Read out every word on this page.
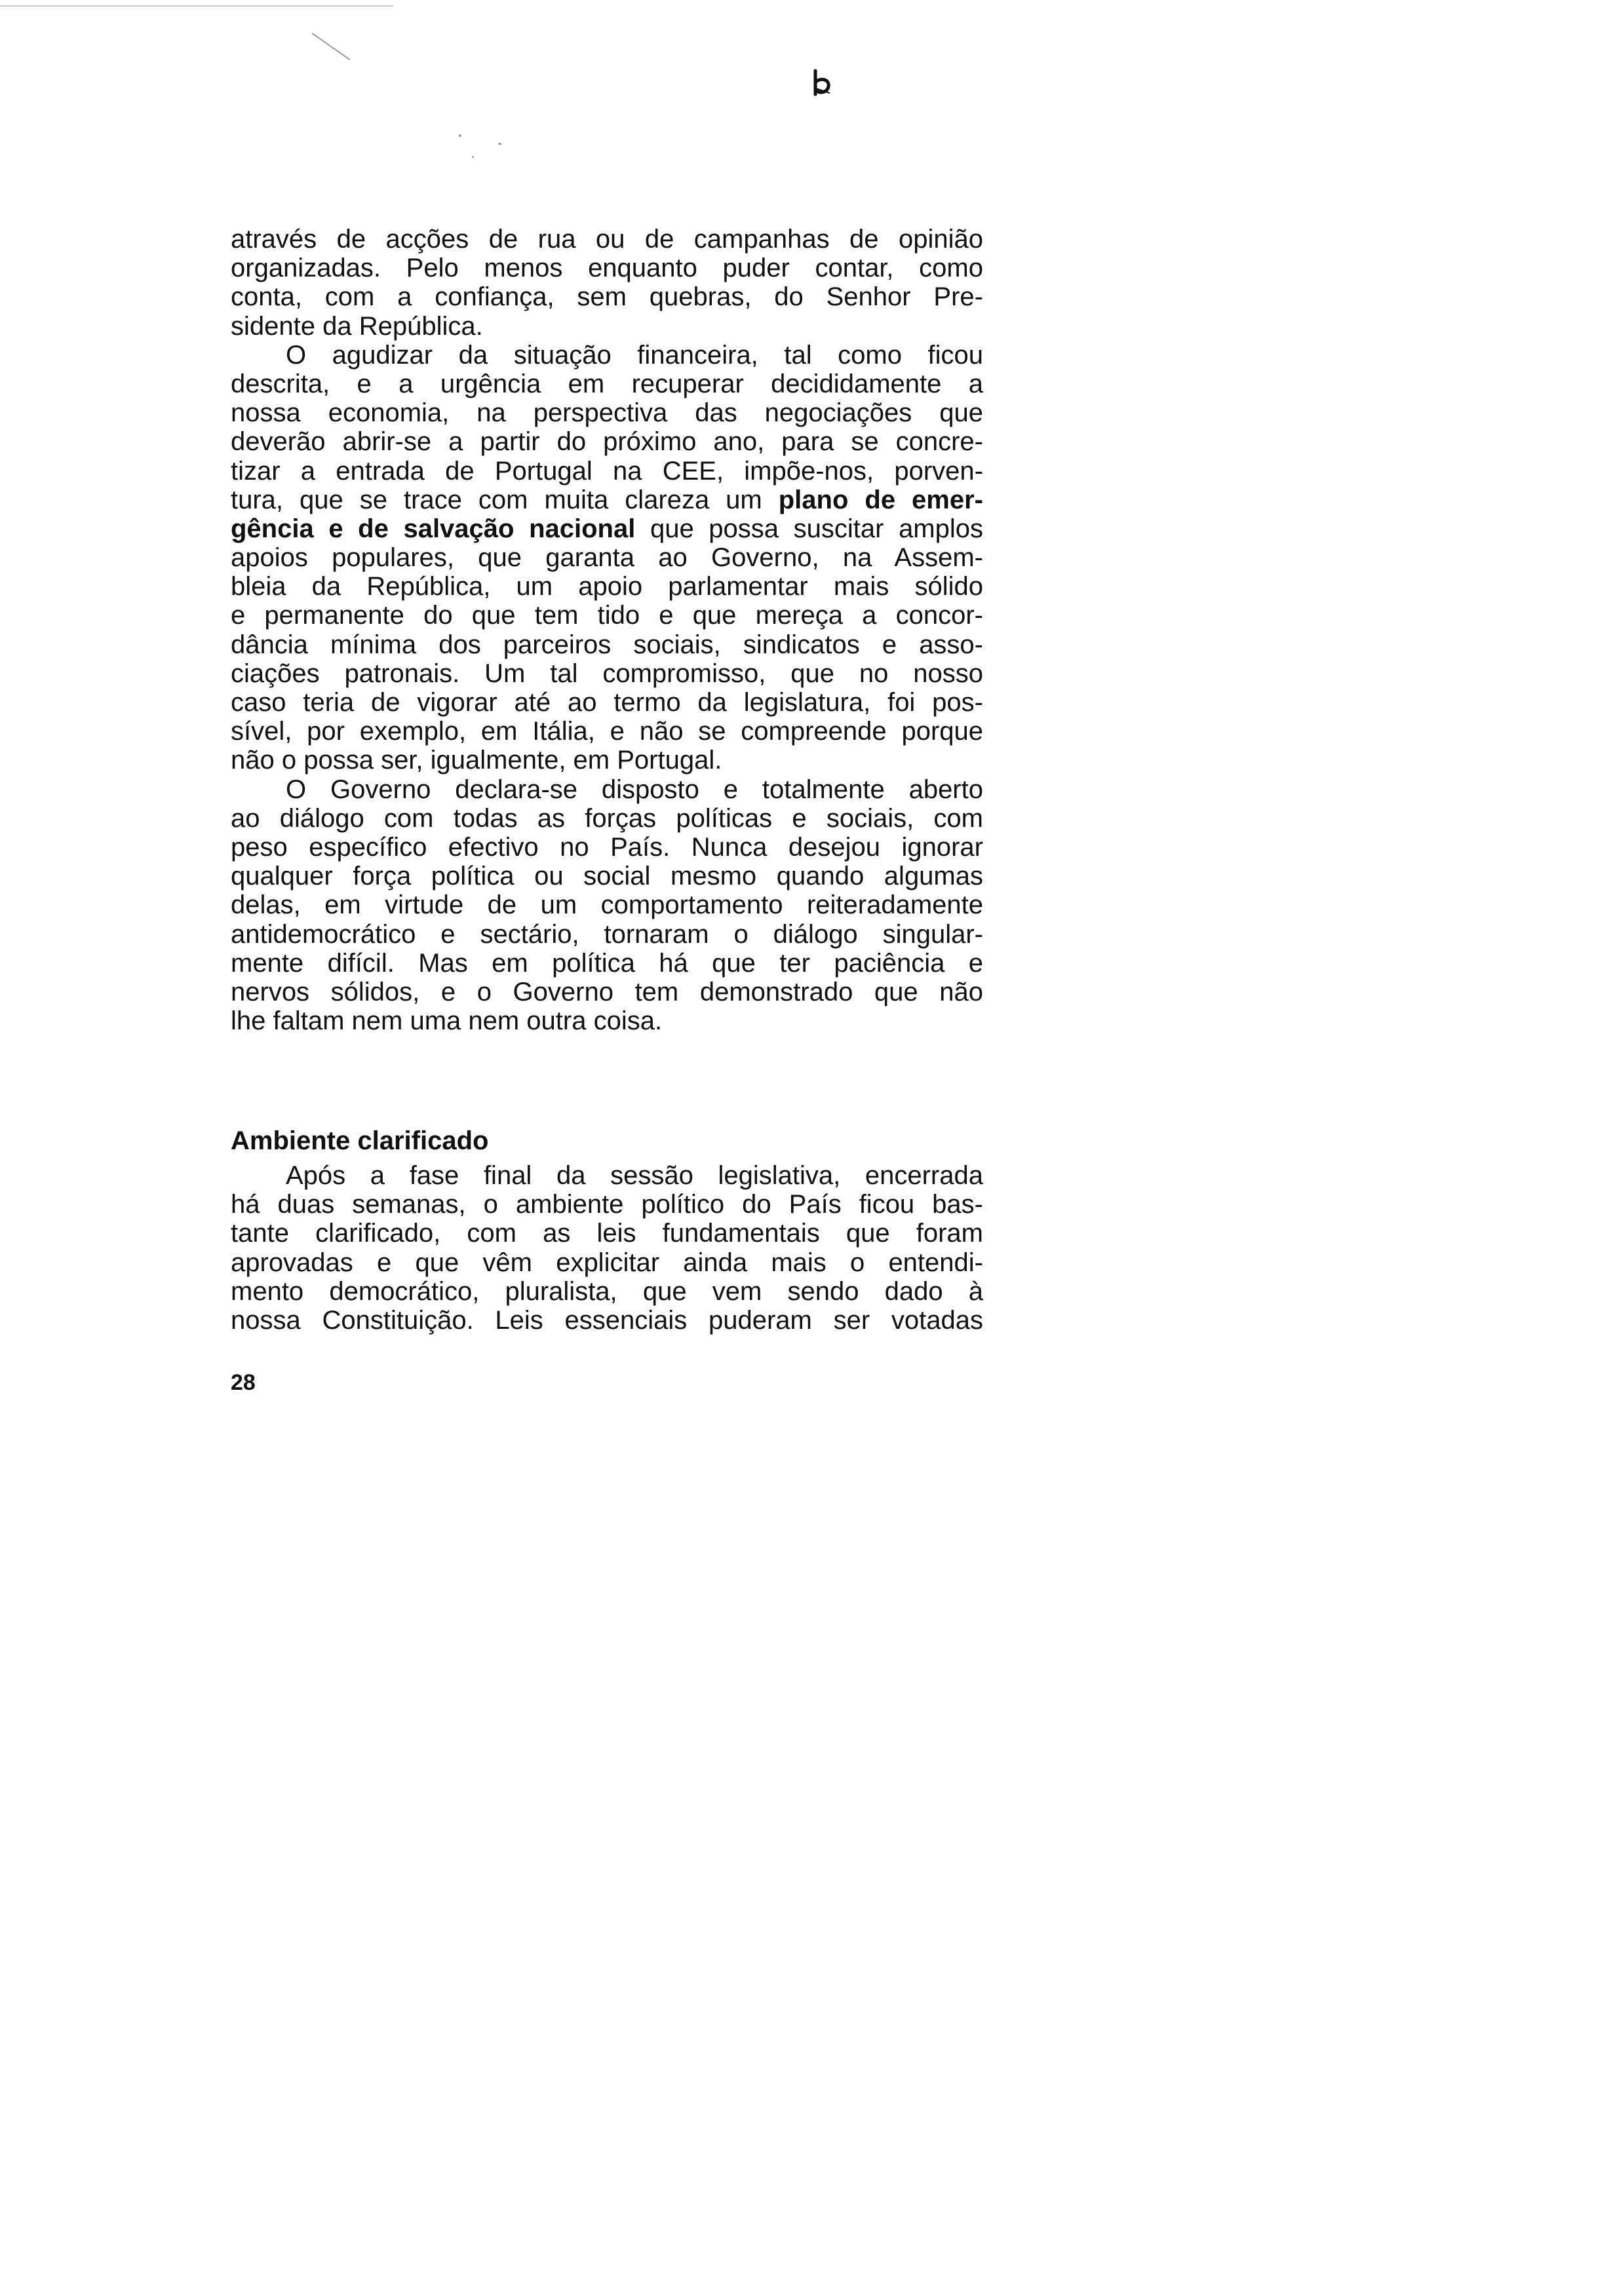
através de acções de rua ou de campanhas de opinião
organizadas. Pelo menos enquanto puder contar, como
conta, com a confiança, sem quebras, do Senhor Pre-
sidente da República.
O agudizar da situação financeira, tal como ficou
descrita, e a urgência em recuperar decididamente a
nossa economia, na perspectiva das negociações que
deverão abrir-se a partir do próximo ano, para se concre-
tizar a entrada de Portugal na CEE, impõe-nos, porven-
tura, que se trace com muita clareza um plano de emer-
gência e de salvação nacional que possa suscitar amplos
apoios populares, que garanta ao Governo, na Assem-
bleia da República, um apoio parlamentar mais sólido
e permanente do que tem tido e que mereça a concor-
dância mínima dos parceiros sociais, sindicatos e asso-
ciações patronais. Um tal compromisso, que no nosso
caso teria de vigorar até ao termo da legislatura, foi pos-
sível, por exemplo, em Itália, e não se compreende porque
não o possa ser, igualmente, em Portugal.
O Governo declara-se disposto e totalmente aberto
ao diálogo com todas as forças políticas e sociais, com
peso específico efectivo no País. Nunca desejou ignorar
qualquer força política ou social mesmo quando algumas
delas, em virtude de um comportamento reiteradamente
antidemocrático e sectário, tornaram o diálogo singular-
mente difícil. Mas em política há que ter paciência e
nervos sólidos, e o Governo tem demonstrado que não
lhe faltam nem uma nem outra coisa.
Ambiente clarificado
Após a fase final da sessão legislativa, encerrada
há duas semanas, o ambiente político do País ficou bas-
tante clarificado, com as leis fundamentais que foram
aprovadas e que vêm explicitar ainda mais o entendi-
mento democrático, pluralista, que vem sendo dado à
nossa Constituição. Leis essenciais puderam ser votadas
28
